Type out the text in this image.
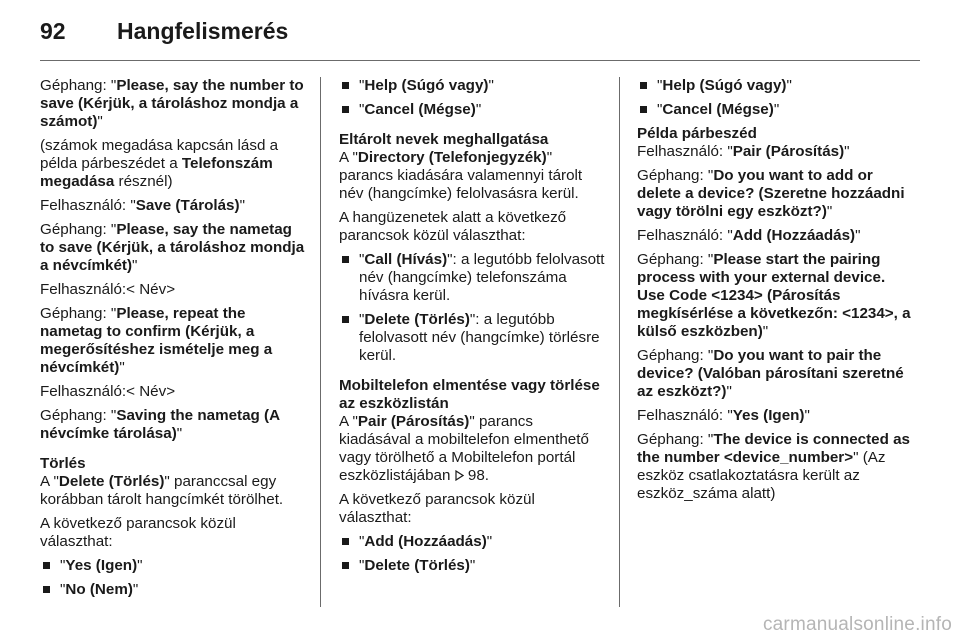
92 Hangfelismerés

Géphang: "Please, say the number to save (Kérjük, a tároláshoz mondja a számot)"

(számok megadása kapcsán lásd a példa párbeszédet a Telefonszám megadása résznél)

Felhasználó: "Save (Tárolás)"

Géphang: "Please, say the nametag to save (Kérjük, a tároláshoz mondja a névcímkét)"

Felhasználó:< Név>

Géphang: "Please, repeat the nametag to confirm (Kérjük, a megerősítéshez ismételje meg a névcímkét)"

Felhasználó:< Név>

Géphang: "Saving the nametag (A névcímke tárolása)"

Törlés

A "Delete (Törlés)" paranccsal egy korábban tárolt hangcímkét törölhet.

A következő parancsok közül választhat:

"Yes (Igen)"
"No (Nem)"
"Help (Súgó vagy)"
"Cancel (Mégse)"

Eltárolt nevek meghallgatása

A "Directory (Telefonjegyzék)" parancs kiadására valamennyi tárolt név (hangcímke) felolvasásra kerül.

A hangüzenetek alatt a következő parancsok közül választhat:

"Call (Hívás)": a legutóbb felolvasott név (hangcímke) telefonszáma hívásra kerül.
"Delete (Törlés)": a legutóbb felolvasott név (hangcímke) törlésre kerül.

Mobiltelefon elmentése vagy törlése az eszközlistán

A "Pair (Párosítás)" parancs kiadásával a mobiltelefon elmenthető vagy törölhető a Mobiltelefon portál eszközlistájában  98.

A következő parancsok közül választhat:

"Add (Hozzáadás)"
"Delete (Törlés)"
"Help (Súgó vagy)"
"Cancel (Mégse)"

Példa párbeszéd

Felhasználó: "Pair (Párosítás)"

Géphang: "Do you want to add or delete a device? (Szeretne hozzáadni vagy törölni egy eszközt?)"

Felhasználó: "Add (Hozzáadás)"

Géphang: "Please start the pairing process with your external device. Use Code <1234> (Párosítás megkísérlése a következőn: <1234>, a külső eszközben)"

Géphang: "Do you want to pair the device? (Valóban párosítani szeretné az eszközt?)"

Felhasználó: "Yes (Igen)"

Géphang: "The device is connected as the number <device_number>" (Az eszköz csatlakoztatásra került az eszköz_száma alatt)

carmanualsonline.info
